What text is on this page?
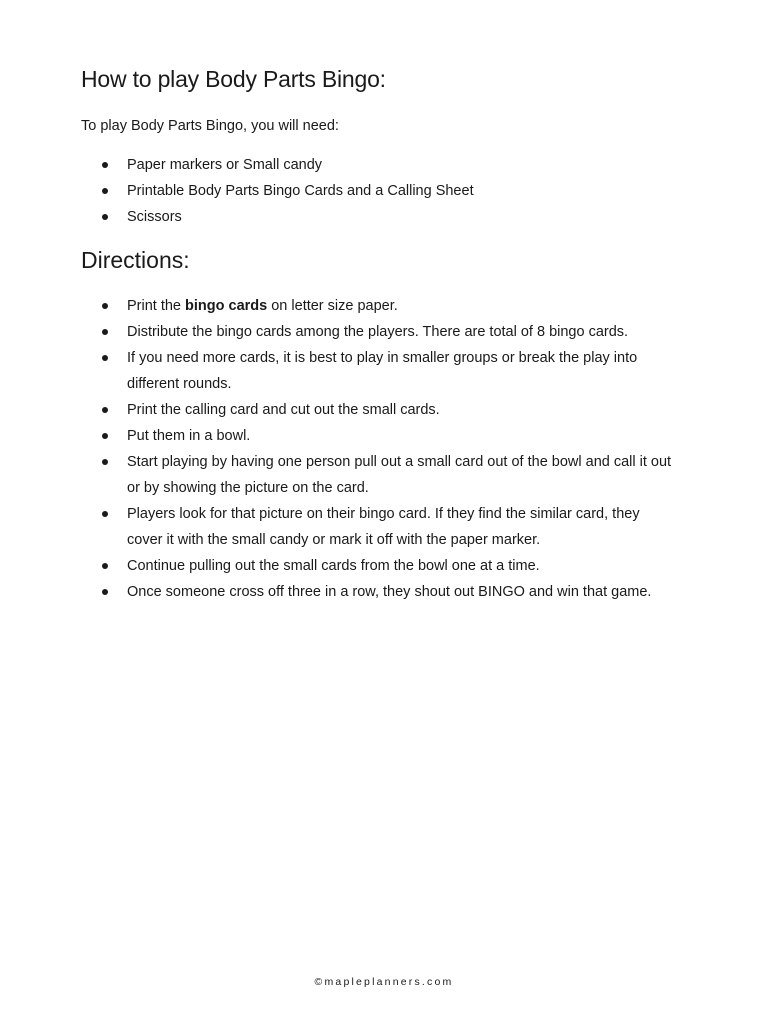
How to play Body Parts Bingo:

To play Body Parts Bingo, you will need:

Paper markers or Small candy
Printable Body Parts Bingo Cards and a Calling Sheet
Scissors
Directions:
Print the bingo cards on letter size paper.
Distribute the bingo cards among the players. There are total of 8 bingo cards.
If you need more cards, it is best to play in smaller groups or break the play into different rounds.
Print the calling card and cut out the small cards.
Put them in a bowl.
Start playing by having one person pull out a small card out of the bowl and call it out or by showing the picture on the card.
Players look for that picture on their bingo card. If they find the similar card, they cover it with the small candy or mark it off with the paper marker.
Continue pulling out the small cards from the bowl one at a time.
Once someone cross off three in a row, they shout out BINGO and win that game.
©mapleplanners.com
